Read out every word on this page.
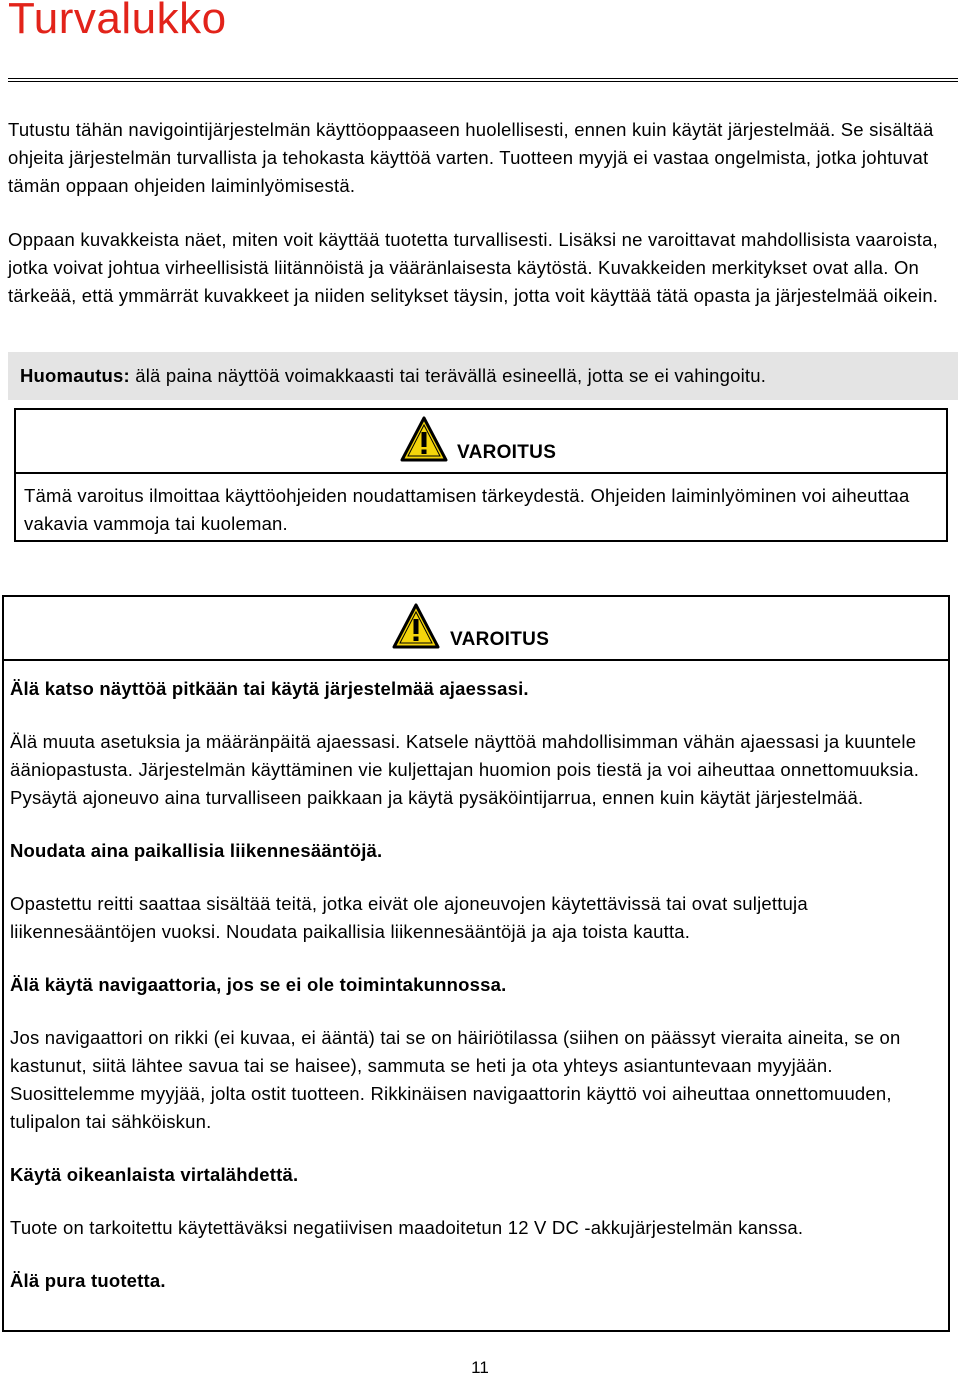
Turvalukko

Tutustu tähän navigointijärjestelmän käyttöoppaaseen huolellisesti, ennen kuin käytät järjestelmää. Se sisältää ohjeita järjestelmän turvallista ja tehokasta käyttöä varten. Tuotteen myyjä ei vastaa ongelmista, jotka johtuvat tämän oppaan ohjeiden laiminlyömisestä.

Oppaan kuvakkeista näet, miten voit käyttää tuotetta turvallisesti. Lisäksi ne varoittavat mahdollisista vaaroista, jotka voivat johtua virheellisistä liitännöistä ja vääränlaisesta käytöstä. Kuvakkeiden merkitykset ovat alla. On tärkeää, että ymmärrät kuvakkeet ja niiden selitykset täysin, jotta voit käyttää tätä opasta ja järjestelmää oikein.

Huomautus: älä paina näyttöä voimakkaasti tai terävällä esineellä, jotta se ei vahingoitu.
VAROITUS

Tämä varoitus ilmoittaa käyttöohjeiden noudattamisen tärkeydestä. Ohjeiden laiminlyöminen voi aiheuttaa vakavia vammoja tai kuoleman.

VAROITUS

Älä katso näyttöä pitkään tai käytä järjestelmää ajaessasi.

Älä muuta asetuksia ja määränpäitä ajaessasi. Katsele näyttöä mahdollisimman vähän ajaessasi ja kuuntele ääniopastusta. Järjestelmän käyttäminen vie kuljettajan huomion pois tiestä ja voi aiheuttaa onnettomuuksia. Pysäytä ajoneuvo aina turvalliseen paikkaan ja käytä pysäköintijarrua, ennen kuin käytät järjestelmää.

Noudata aina paikallisia liikennesääntöjä.

Opastettu reitti saattaa sisältää teitä, jotka eivät ole ajoneuvojen käytettävissä tai ovat suljettuja liikennesääntöjen vuoksi. Noudata paikallisia liikennesääntöjä ja aja toista kautta.

Älä käytä navigaattoria, jos se ei ole toimintakunnossa.

Jos navigaattori on rikki (ei kuvaa, ei ääntä) tai se on häiriötilassa (siihen on päässyt vieraita aineita, se on kastunut, siitä lähtee savua tai se haisee), sammuta se heti ja ota yhteys asiantuntevaan myyjään. Suosittelemme myyjää, jolta ostit tuotteen. Rikkinäisen navigaattorin käyttö voi aiheuttaa onnettomuuden, tulipalon tai sähköiskun.

Käytä oikeanlaista virtalähdettä.

Tuote on tarkoitettu käytettäväksi negatiivisen maadoitetun 12 V DC -akkujärjestelmän kanssa.

Älä pura tuotetta.

11
